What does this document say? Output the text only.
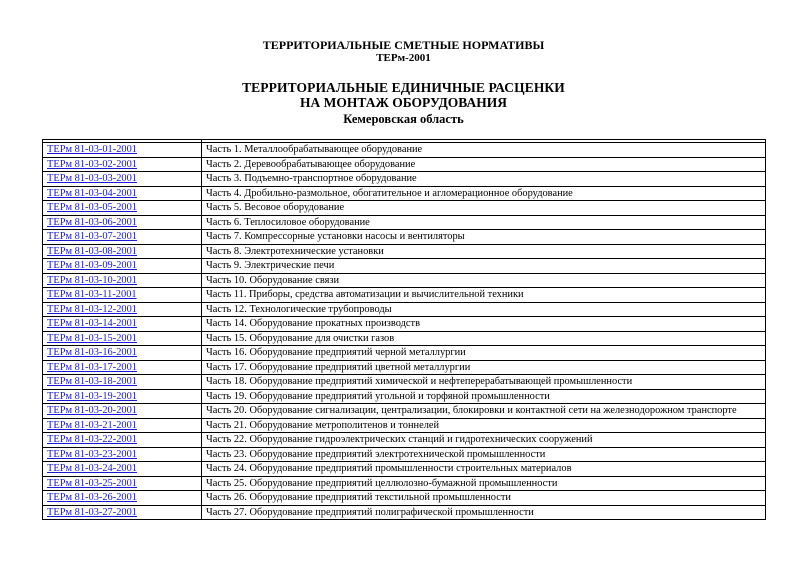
ТЕРРИТОРИАЛЬНЫЕ СМЕТНЫЕ НОРМАТИВЫ
ТЕРм-2001
ТЕРРИТОРИАЛЬНЫЕ ЕДИНИЧНЫЕ РАСЦЕНКИ
НА МОНТАЖ ОБОРУДОВАНИЯ
Кемеровская область

ТЕРм 81-03-01-2001	Часть 1. Металлообрабатывающее оборудование
ТЕРм 81-03-02-2001	Часть 2. Деревообрабатывающее оборудование
ТЕРм 81-03-03-2001	Часть 3. Подъемно-транспортное оборудование
ТЕРм 81-03-04-2001	Часть 4. Дробильно-размольное, обогатительное и агломерационное оборудование
ТЕРм 81-03-05-2001	Часть 5. Весовое оборудование
ТЕРм 81-03-06-2001	Часть 6. Теплосиловое оборудование
ТЕРм 81-03-07-2001	Часть 7. Компрессорные установки насосы и вентиляторы
ТЕРм 81-03-08-2001	Часть 8. Электротехнические установки
ТЕРм 81-03-09-2001	Часть 9. Электрические печи
ТЕРм 81-03-10-2001	Часть 10. Оборудование связи
ТЕРм 81-03-11-2001	Часть 11. Приборы, средства автоматизации и вычислительной техники
ТЕРм 81-03-12-2001	Часть 12. Технологические трубопроводы
ТЕРм 81-03-14-2001	Часть 14. Оборудование прокатных производств
ТЕРм 81-03-15-2001	Часть 15. Оборудование для очистки газов
ТЕРм 81-03-16-2001	Часть 16. Оборудование предприятий черной металлургии
ТЕРм 81-03-17-2001	Часть 17. Оборудование предприятий цветной металлургии
ТЕРм 81-03-18-2001	Часть 18. Оборудование предприятий химической и нефтеперерабатывающей промышленности
ТЕРм 81-03-19-2001	Часть 19. Оборудование предприятий угольной и торфяной промышленности
ТЕРм 81-03-20-2001	Часть 20. Оборудование сигнализации, централизации, блокировки и контактной сети на железнодорожном транспорте
ТЕРм 81-03-21-2001	Часть 21. Оборудование метрополитенов и тоннелей
ТЕРм 81-03-22-2001	Часть 22. Оборудование гидроэлектрических станций и гидротехнических сооружений
ТЕРм 81-03-23-2001	Часть 23. Оборудование предприятий электротехнической промышленности
ТЕРм 81-03-24-2001	Часть 24. Оборудование предприятий промышленности строительных материалов
ТЕРм 81-03-25-2001	Часть 25. Оборудование предприятий целлюлозно-бумажной промышленности
ТЕРм 81-03-26-2001	Часть 26. Оборудование предприятий текстильной промышленности
ТЕРм 81-03-27-2001	Часть 27. Оборудование предприятий полиграфической промышленности
